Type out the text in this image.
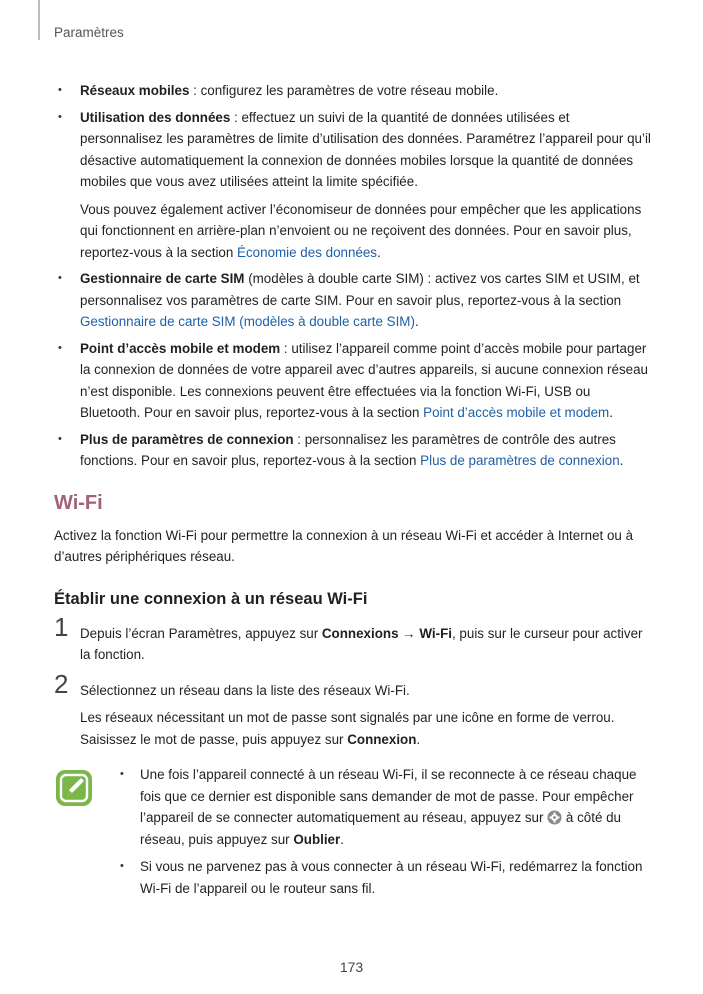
Paramètres
• Réseaux mobiles : configurez les paramètres de votre réseau mobile.
• Utilisation des données : effectuez un suivi de la quantité de données utilisées et personnalisez les paramètres de limite d’utilisation des données. Paramétrez l’appareil pour qu’il désactive automatiquement la connexion de données mobiles lorsque la quantité de données mobiles que vous avez utilisées atteint la limite spécifiée.

Vous pouvez également activer l’économiseur de données pour empêcher que les applications qui fonctionnent en arrière-plan n’envoient ou ne reçoivent des données. Pour en savoir plus, reportez-vous à la section Économie des données.

• Gestionnaire de carte SIM (modèles à double carte SIM) : activez vos cartes SIM et USIM, et personnalisez vos paramètres de carte SIM. Pour en savoir plus, reportez-vous à la section Gestionnaire de carte SIM (modèles à double carte SIM).
• Point d’accès mobile et modem : utilisez l’appareil comme point d’accès mobile pour partager la connexion de données de votre appareil avec d’autres appareils, si aucune connexion réseau n’est disponible. Les connexions peuvent être effectuées via la fonction Wi-Fi, USB ou Bluetooth. Pour en savoir plus, reportez-vous à la section Point d’accès mobile et modem.
• Plus de paramètres de connexion : personnalisez les paramètres de contrôle des autres fonctions. Pour en savoir plus, reportez-vous à la section Plus de paramètres de connexion.
Wi-Fi

Activez la fonction Wi-Fi pour permettre la connexion à un réseau Wi-Fi et accéder à Internet ou à d’autres périphériques réseau.

Établir une connexion à un réseau Wi-Fi
1 Depuis l’écran Paramètres, appuyez sur Connexions → Wi-Fi, puis sur le curseur pour activer la fonction.

2 Sélectionnez un réseau dans la liste des réseaux Wi-Fi.

Les réseaux nécessitant un mot de passe sont signalés par une icône en forme de verrou. Saisissez le mot de passe, puis appuyez sur Connexion.

• Une fois l’appareil connecté à un réseau Wi-Fi, il se reconnecte à ce réseau chaque fois que ce dernier est disponible sans demander de mot de passe. Pour empêcher l’appareil de se connecter automatiquement au réseau, appuyez sur  à côté du réseau, puis appuyez sur Oublier.
• Si vous ne parvenez pas à vous connecter à un réseau Wi-Fi, redémarrez la fonction Wi-Fi de l’appareil ou le routeur sans fil.
173
